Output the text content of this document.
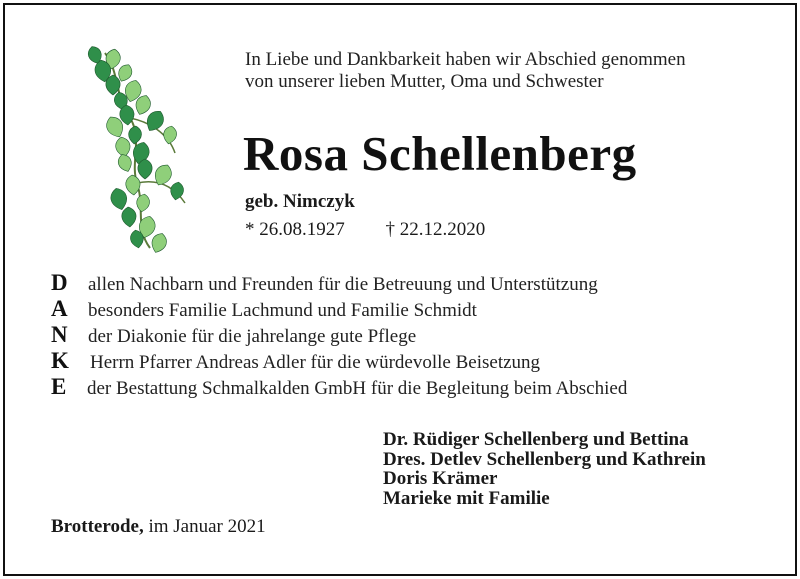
In Liebe und Dankbarkeit haben wir Abschied genommen
von unserer lieben Mutter, Oma und Schwester
Rosa Schellenberg
geb. Nimczyk
* 26.08.1927 † 22.12.2020
D	allen Nachbarn und Freunden für die Betreuung und Unterstützung
A	besonders Familie Lachmund und Familie Schmidt
N	der Diakonie für die jahrelange gute Pflege
K	Herrn Pfarrer Andreas Adler für die würdevolle Beisetzung
E	der Bestattung Schmalkalden GmbH für die Begleitung beim Abschied
Dr. Rüdiger Schellenberg und Bettina
Dres. Detlev Schellenberg und Kathrein
Doris Krämer
Marieke mit Familie
Brotterode, im Januar 2021
